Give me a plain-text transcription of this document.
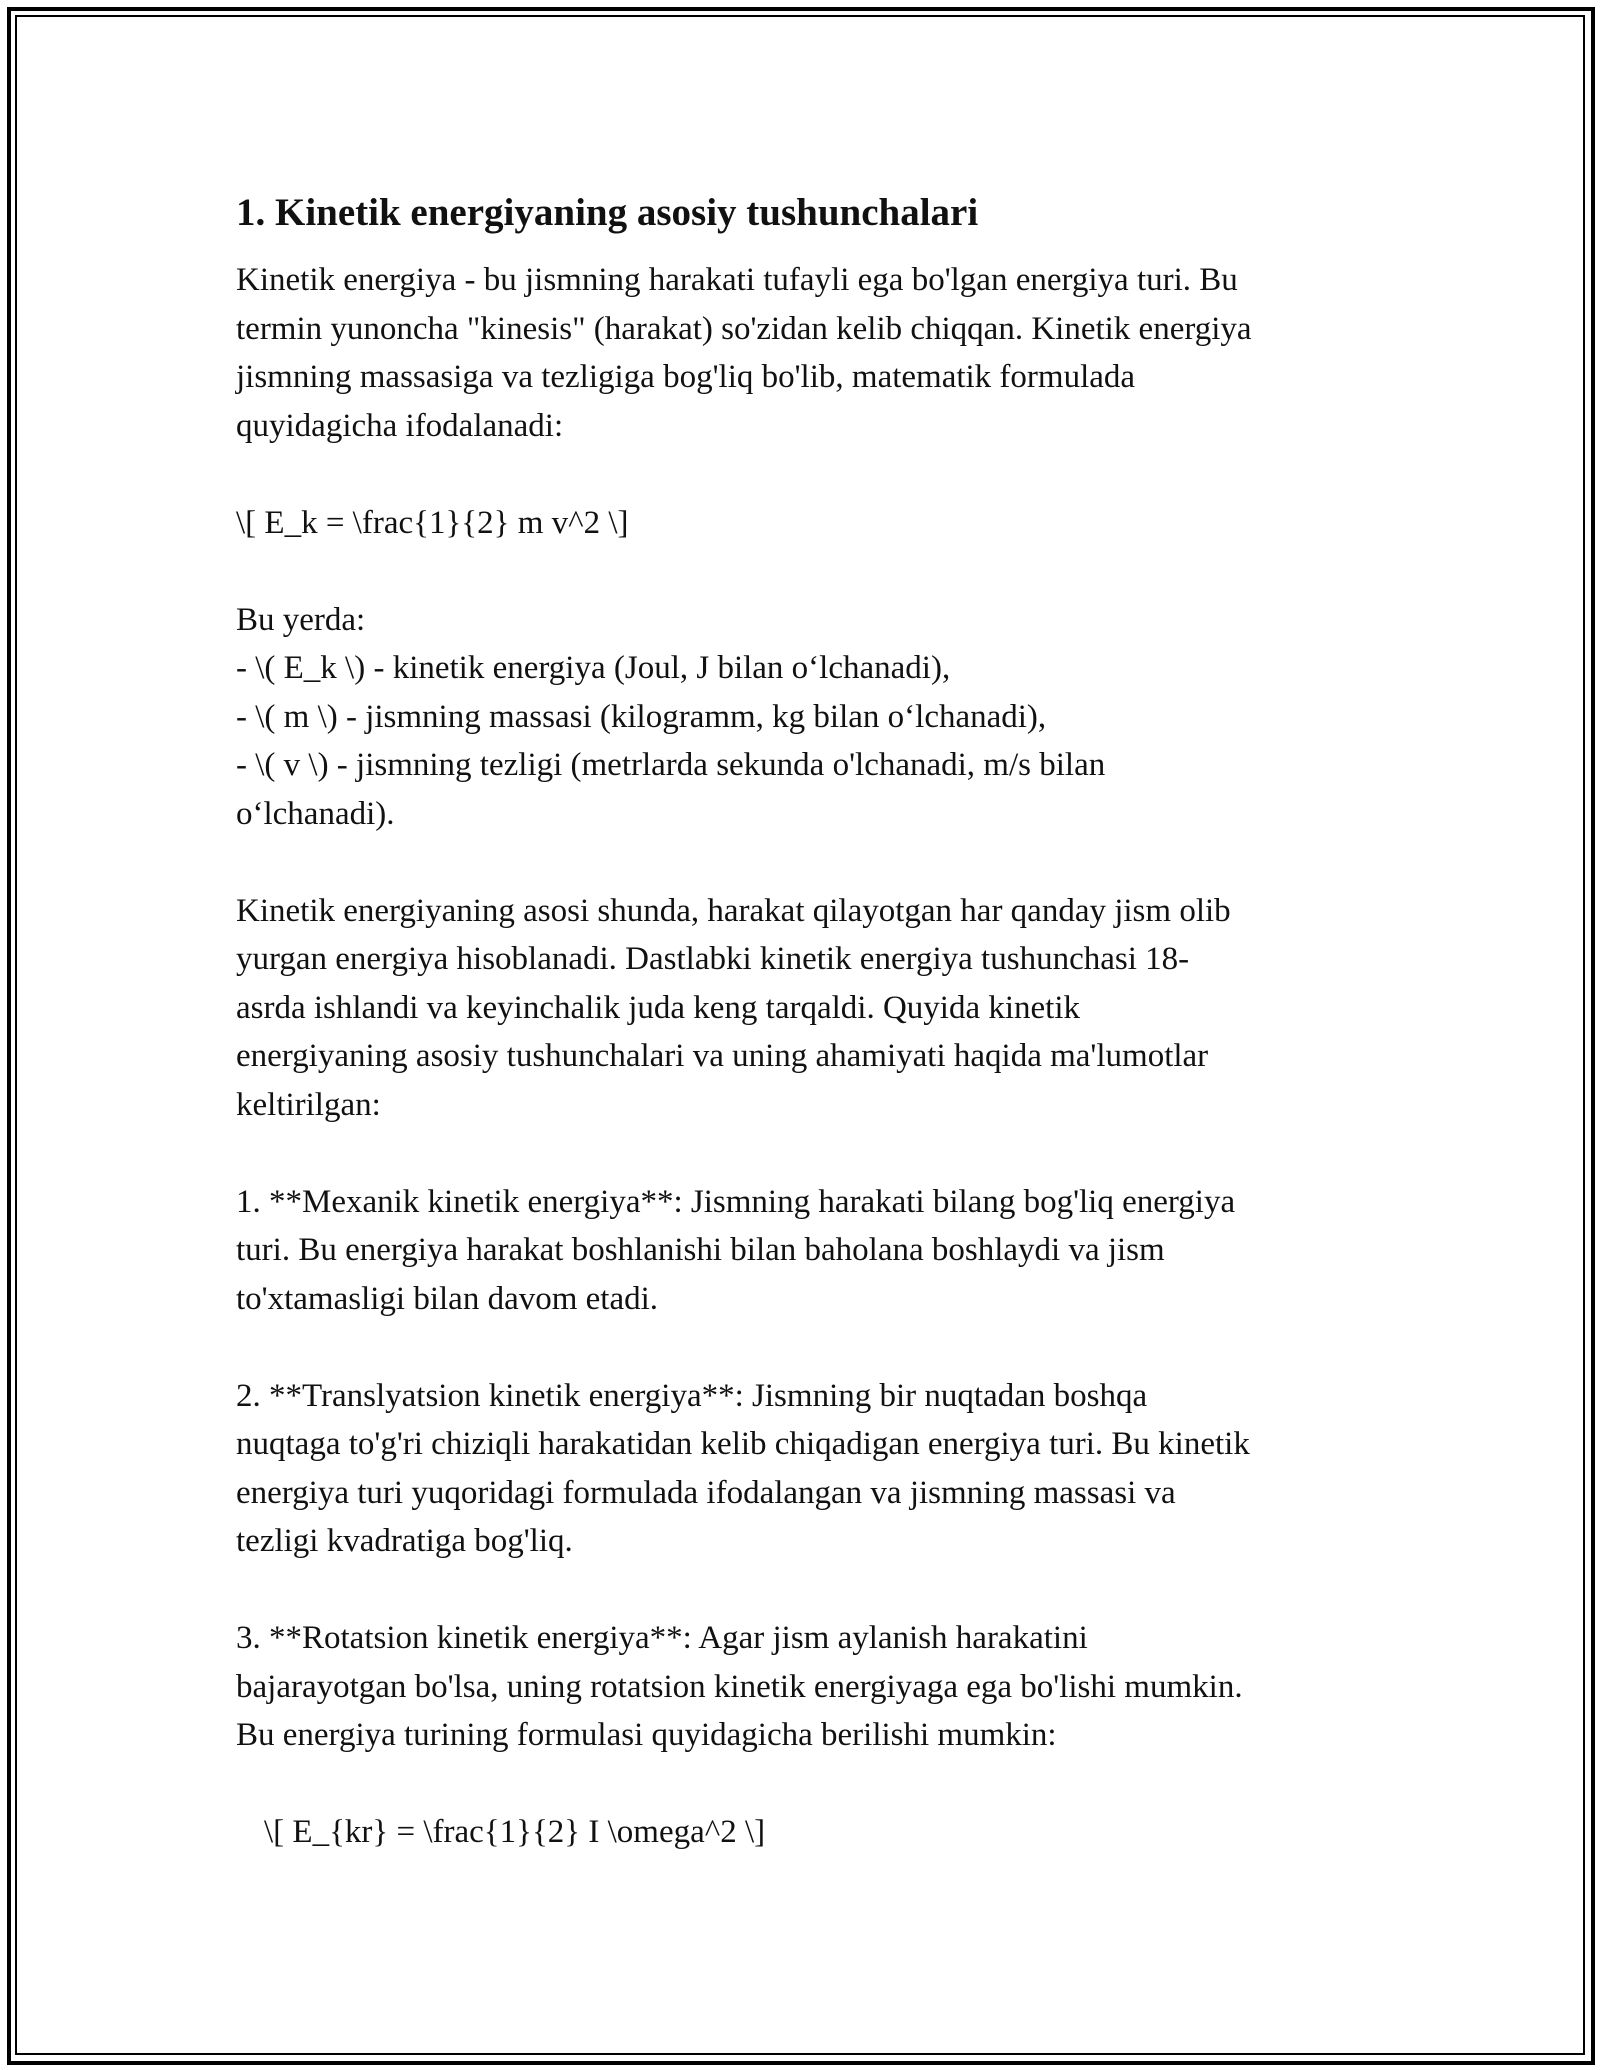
1. Kinetik energiyaning asosiy tushunchalari

Kinetik energiya - bu jismning harakati tufayli ega bo'lgan energiya turi. Bu
termin yunoncha "kinesis" (harakat) so'zidan kelib chiqqan. Kinetik energiya
jismning massasiga va tezligiga bog'liq bo'lib, matematik formulada
quyidagicha ifodalanadi:

\[ E_k = \frac{1}{2} m v^2 \]

Bu yerda:
- \( E_k \) - kinetik energiya (Joul, J bilan o‘lchanadi),
- \( m \) - jismning massasi (kilogramm, kg bilan o‘lchanadi),
- \( v \) - jismning tezligi (metrlarda sekunda o'lchanadi, m/s bilan
o‘lchanadi).

Kinetik energiyaning asosi shunda, harakat qilayotgan har qanday jism olib
yurgan energiya hisoblanadi. Dastlabki kinetik energiya tushunchasi 18-
asrda ishlandi va keyinchalik juda keng tarqaldi. Quyida kinetik
energiyaning asosiy tushunchalari va uning ahamiyati haqida ma'lumotlar
keltirilgan:

1. **Mexanik kinetik energiya**: Jismning harakati bilang bog'liq energiya
turi. Bu energiya harakat boshlanishi bilan baholana boshlaydi va jism
to'xtamasligi bilan davom etadi.

2. **Translyatsion kinetik energiya**: Jismning bir nuqtadan boshqa
nuqtaga to'g'ri chiziqli harakatidan kelib chiqadigan energiya turi. Bu kinetik
energiya turi yuqoridagi formulada ifodalangan va jismning massasi va
tezligi kvadratiga bog'liq.

3. **Rotatsion kinetik energiya**: Agar jism aylanish harakatini
bajarayotgan bo'lsa, uning rotatsion kinetik energiyaga ega bo'lishi mumkin.
Bu energiya turining formulasi quyidagicha berilishi mumkin:

\[ E_{kr} = \frac{1}{2} I \omega^2 \]
